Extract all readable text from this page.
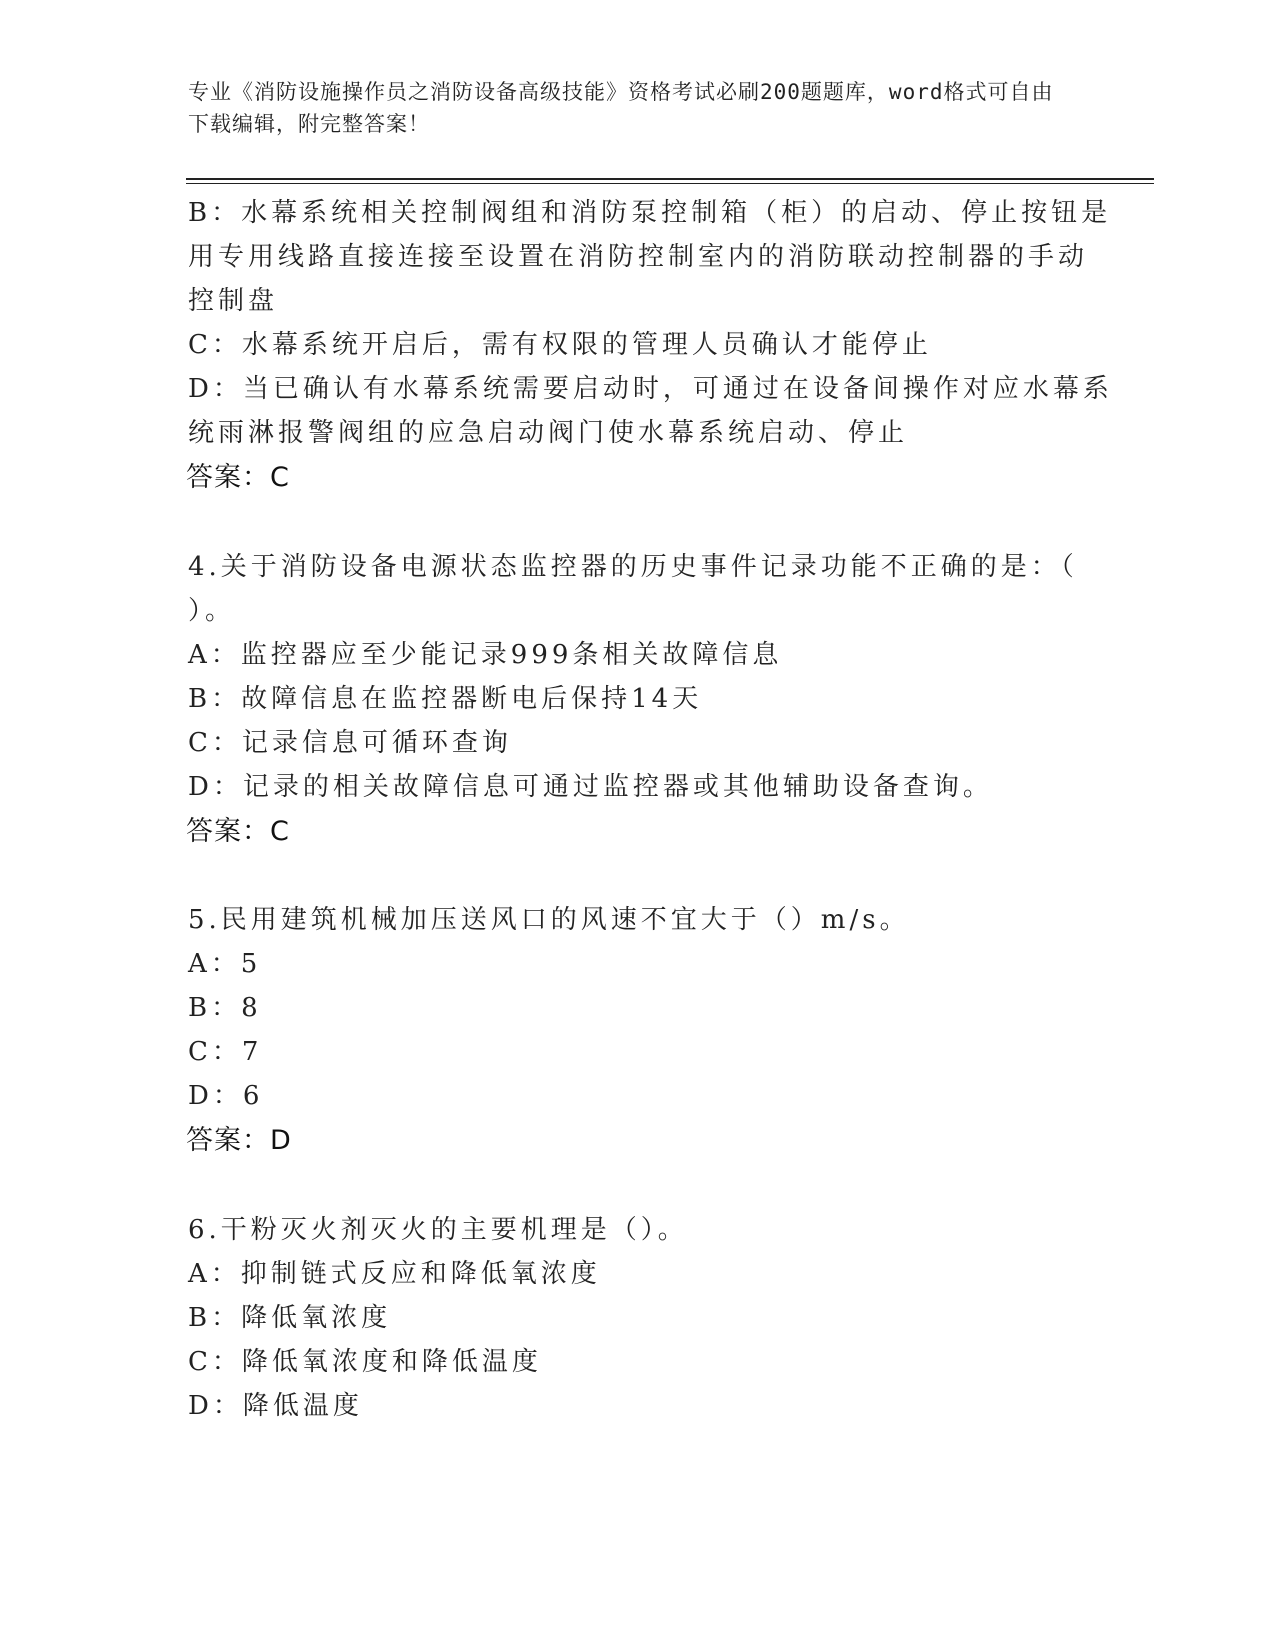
专业《消防设施操作员之消防设备高级技能》资格考试必刷200题题库，word格式可自由下载编辑，附完整答案！
B：水幕系统相关控制阀组和消防泵控制箱（柜）的启动、停止按钮是
用专用线路直接连接至设置在消防控制室内的消防联动控制器的手动
控制盘
C：水幕系统开启后，需有权限的管理人员确认才能停止
D：当已确认有水幕系统需要启动时，可通过在设备间操作对应水幕系
统雨淋报警阀组的应急启动阀门使水幕系统启动、停止
答案：C
4.关于消防设备电源状态监控器的历史事件记录功能不正确的是：（
）。
A：监控器应至少能记录999条相关故障信息
B：故障信息在监控器断电后保持14天
C：记录信息可循环查询
D：记录的相关故障信息可通过监控器或其他辅助设备查询。
答案：C
5.民用建筑机械加压送风口的风速不宜大于（）m/s。
A：5
B：8
C：7
D：6
答案：D
6.干粉灭火剂灭火的主要机理是（）。
A：抑制链式反应和降低氧浓度
B：降低氧浓度
C：降低氧浓度和降低温度
D：降低温度
